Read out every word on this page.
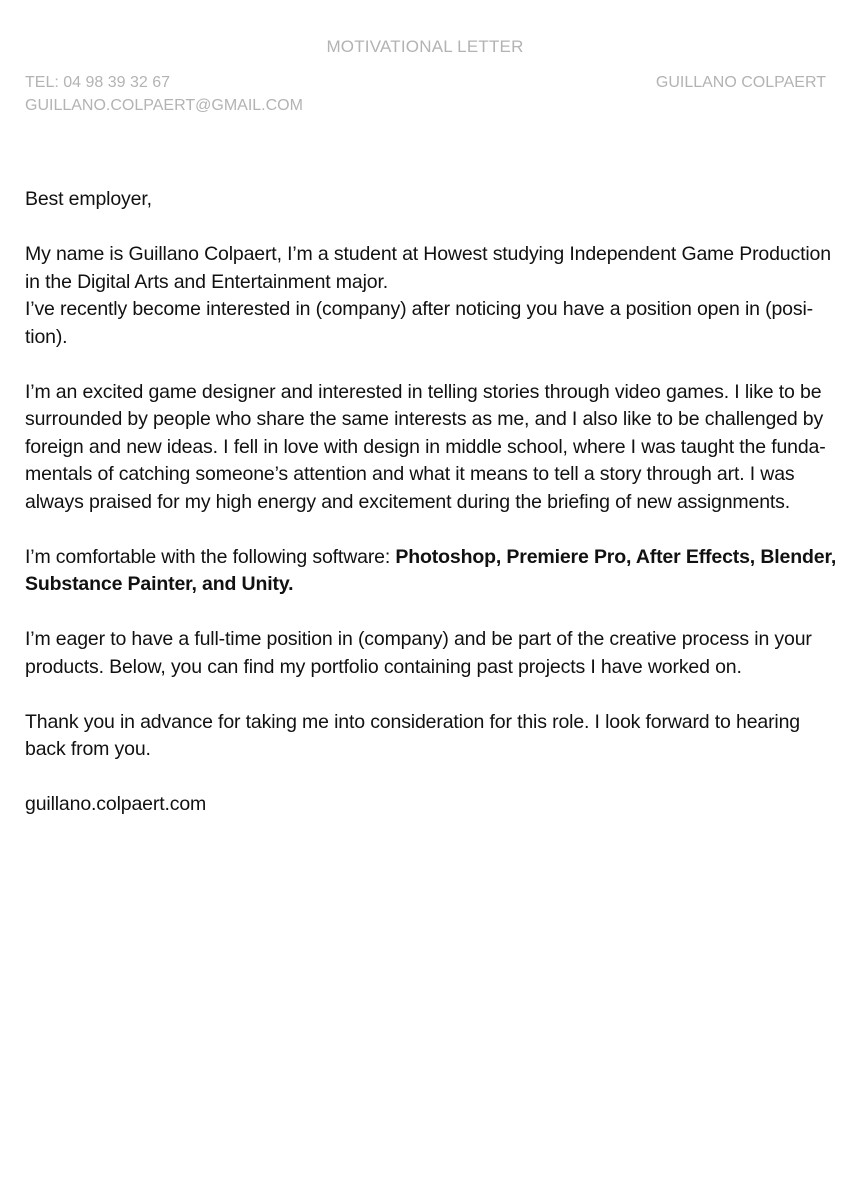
MOTIVATIONAL LETTER
TEL: 04 98 39 32 67
GUILLANO.COLPAERT@GMAIL.COM
GUILLANO COLPAERT

Best employer,

My name is Guillano Colpaert, I’m a student at Howest studying Independent Game Production
in the Digital Arts and Entertainment major.
I’ve recently become interested in (company) after noticing you have a position open in (posi-
tion).

I’m an excited game designer and interested in telling stories through video games. I like to be
surrounded by people who share the same interests as me, and I also like to be challenged by
foreign and new ideas. I fell in love with design in middle school, where I was taught the funda-
mentals of catching someone’s attention and what it means to tell a story through art. I was
always praised for my high energy and excitement during the briefing of new assignments.

I’m comfortable with the following software: Photoshop, Premiere Pro, After Effects, Blender,
Substance Painter, and Unity.

I’m eager to have a full-time position in (company) and be part of the creative process in your
products. Below, you can find my portfolio containing past projects I have worked on.

Thank you in advance for taking me into consideration for this role. I look forward to hearing
back from you.

guillano.colpaert.com
